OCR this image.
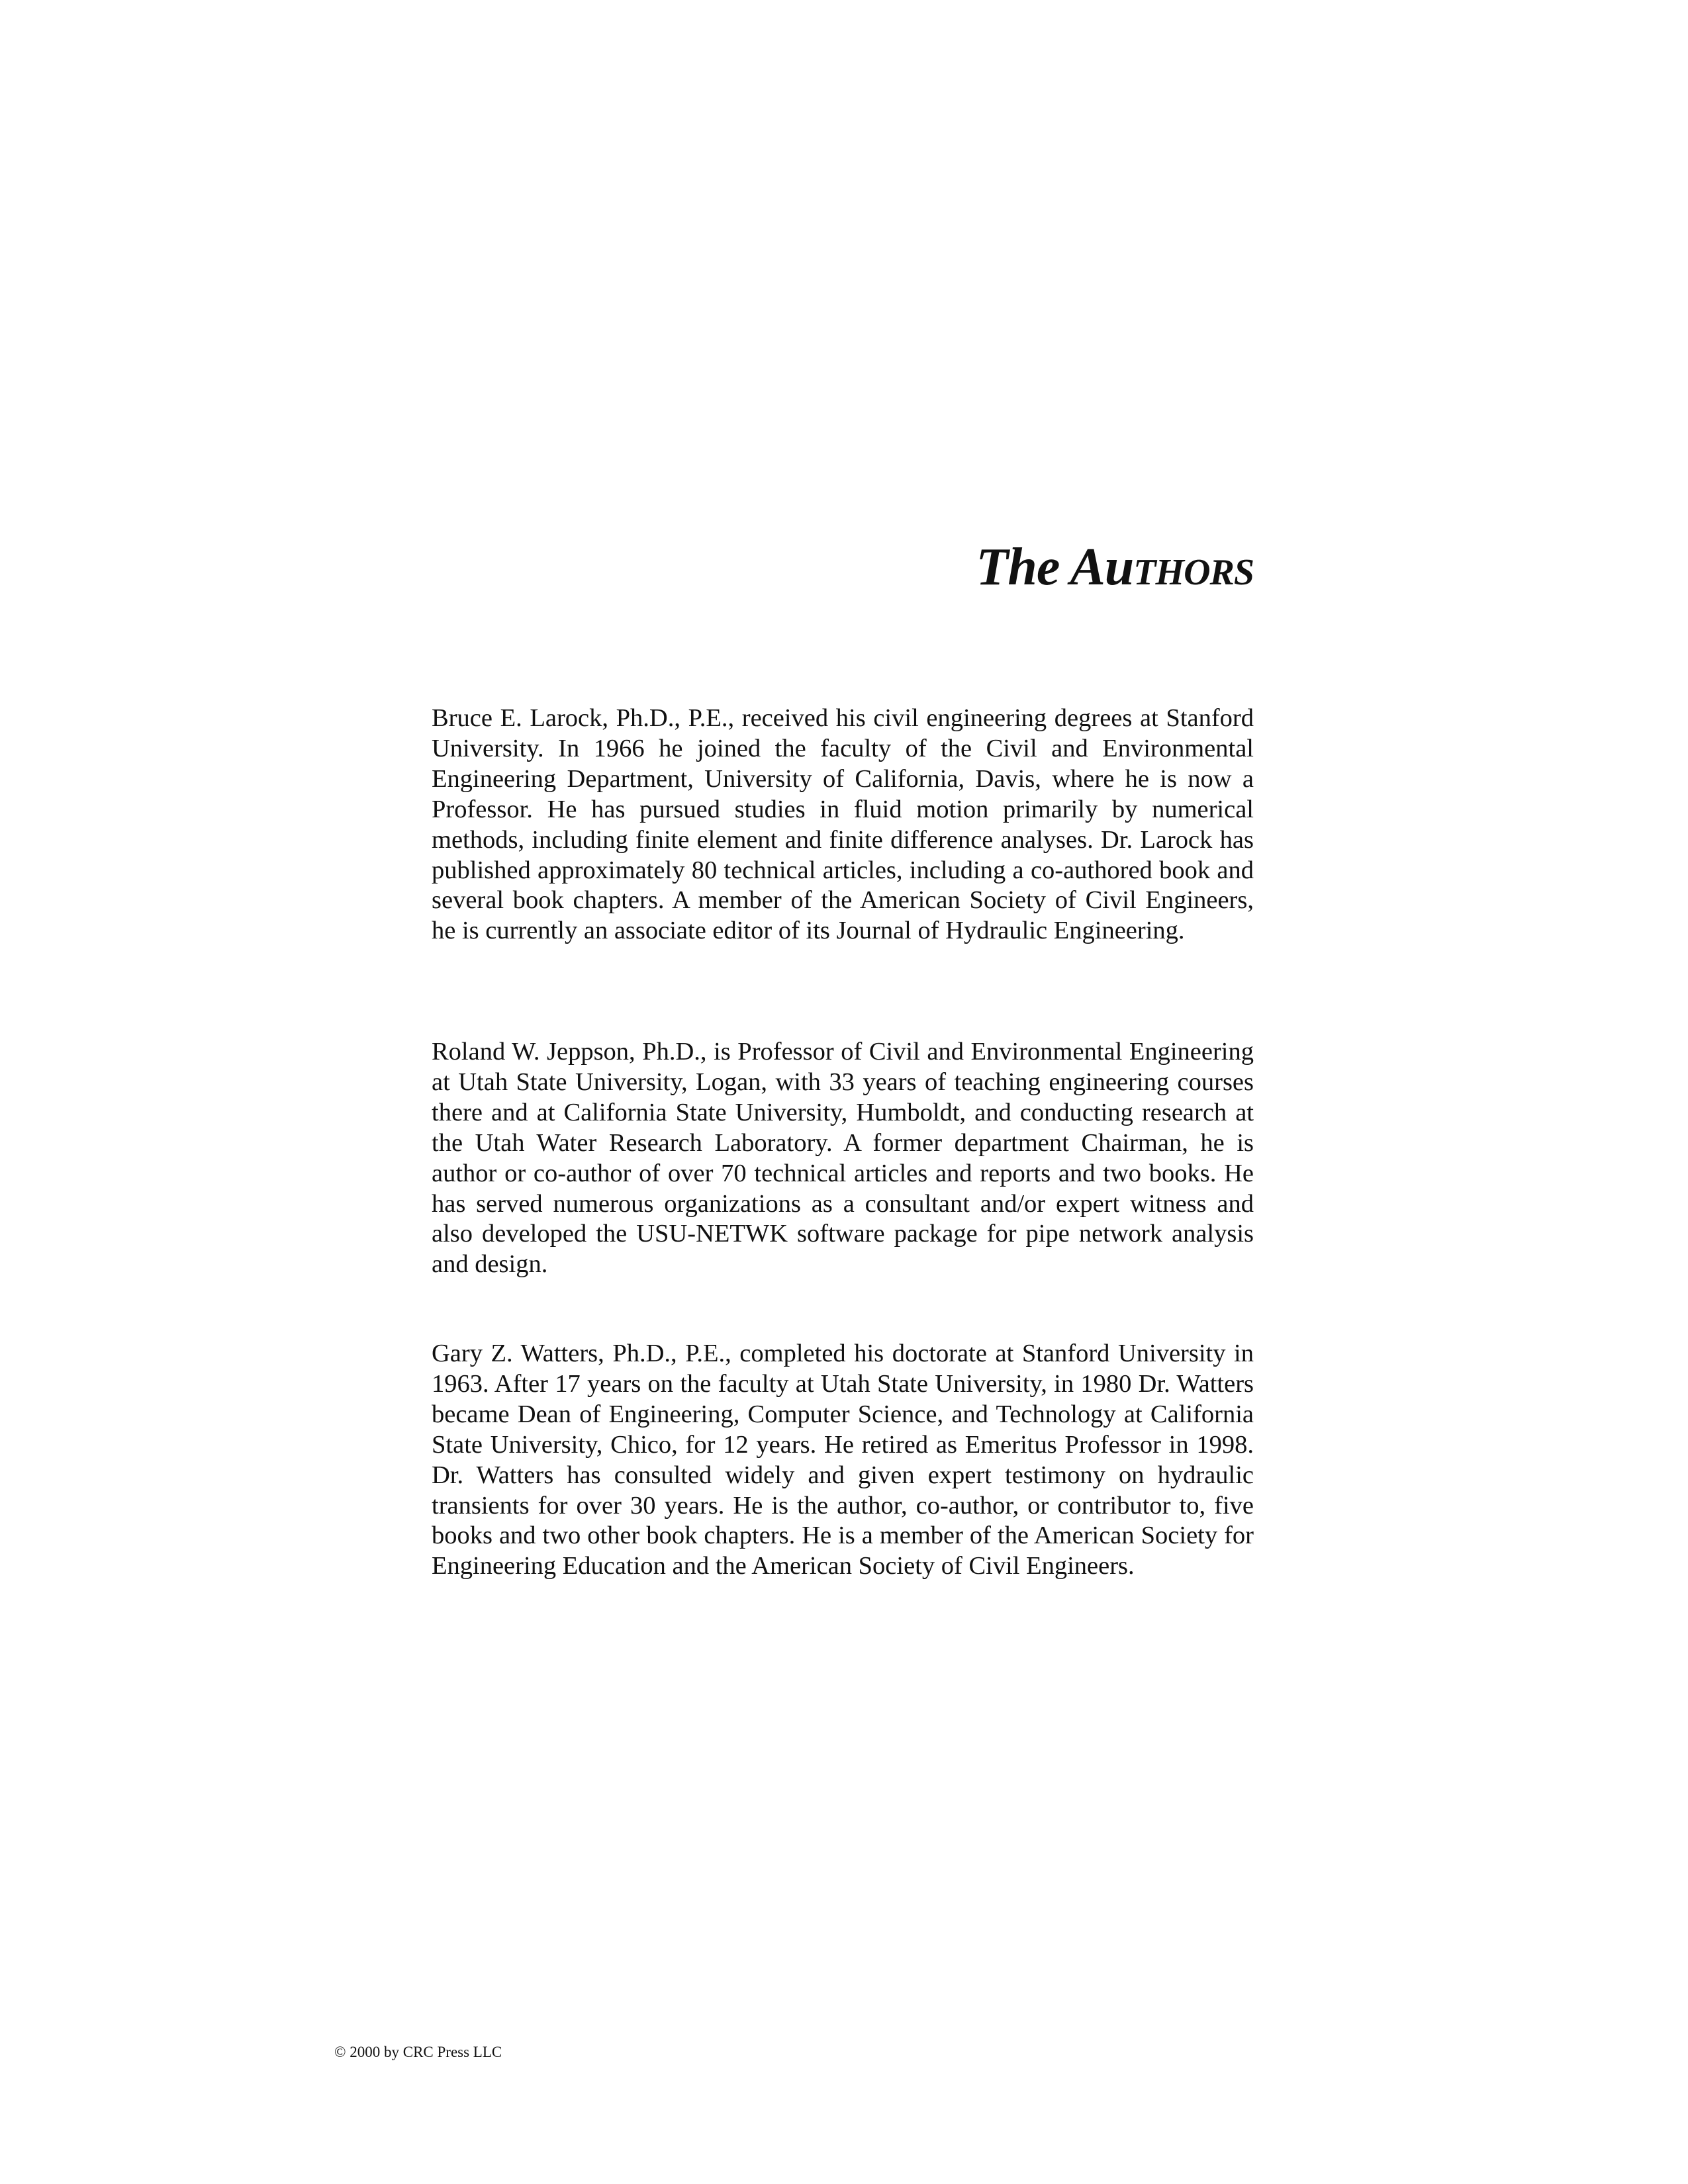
The Authors

Bruce E. Larock, Ph.D., P.E., received his civil engineering degrees at Stanford University. In 1966 he joined the faculty of the Civil and Environmental Engineering Department, University of California, Davis, where he is now a Professor. He has pursued studies in fluid motion primarily by numerical methods, including finite element and finite difference analyses. Dr. Larock has published approximately 80 technical articles, including a co-authored book and several book chapters. A member of the American Society of Civil Engineers, he is currently an associate editor of its Journal of Hydraulic Engineering.

Roland W. Jeppson, Ph.D., is Professor of Civil and Environmental Engineering at Utah State University, Logan, with 33 years of teaching engineering courses there and at California State University, Humboldt, and conducting research at the Utah Water Research Laboratory. A former department Chairman, he is author or co-author of over 70 technical articles and reports and two books. He has served numerous organizations as a consultant and/or expert witness and also developed the USU-NETWK software package for pipe network analysis and design.

Gary Z. Watters, Ph.D., P.E., completed his doctorate at Stanford University in 1963. After 17 years on the faculty at Utah State University, in 1980 Dr. Watters became Dean of Engineering, Computer Science, and Technology at California State University, Chico, for 12 years. He retired as Emeritus Professor in 1998. Dr. Watters has consulted widely and given expert testimony on hydraulic transients for over 30 years. He is the author, co-author, or contributor to, five books and two other book chapters. He is a member of the American Society for Engineering Education and the American Society of Civil Engineers.

© 2000 by CRC Press LLC
